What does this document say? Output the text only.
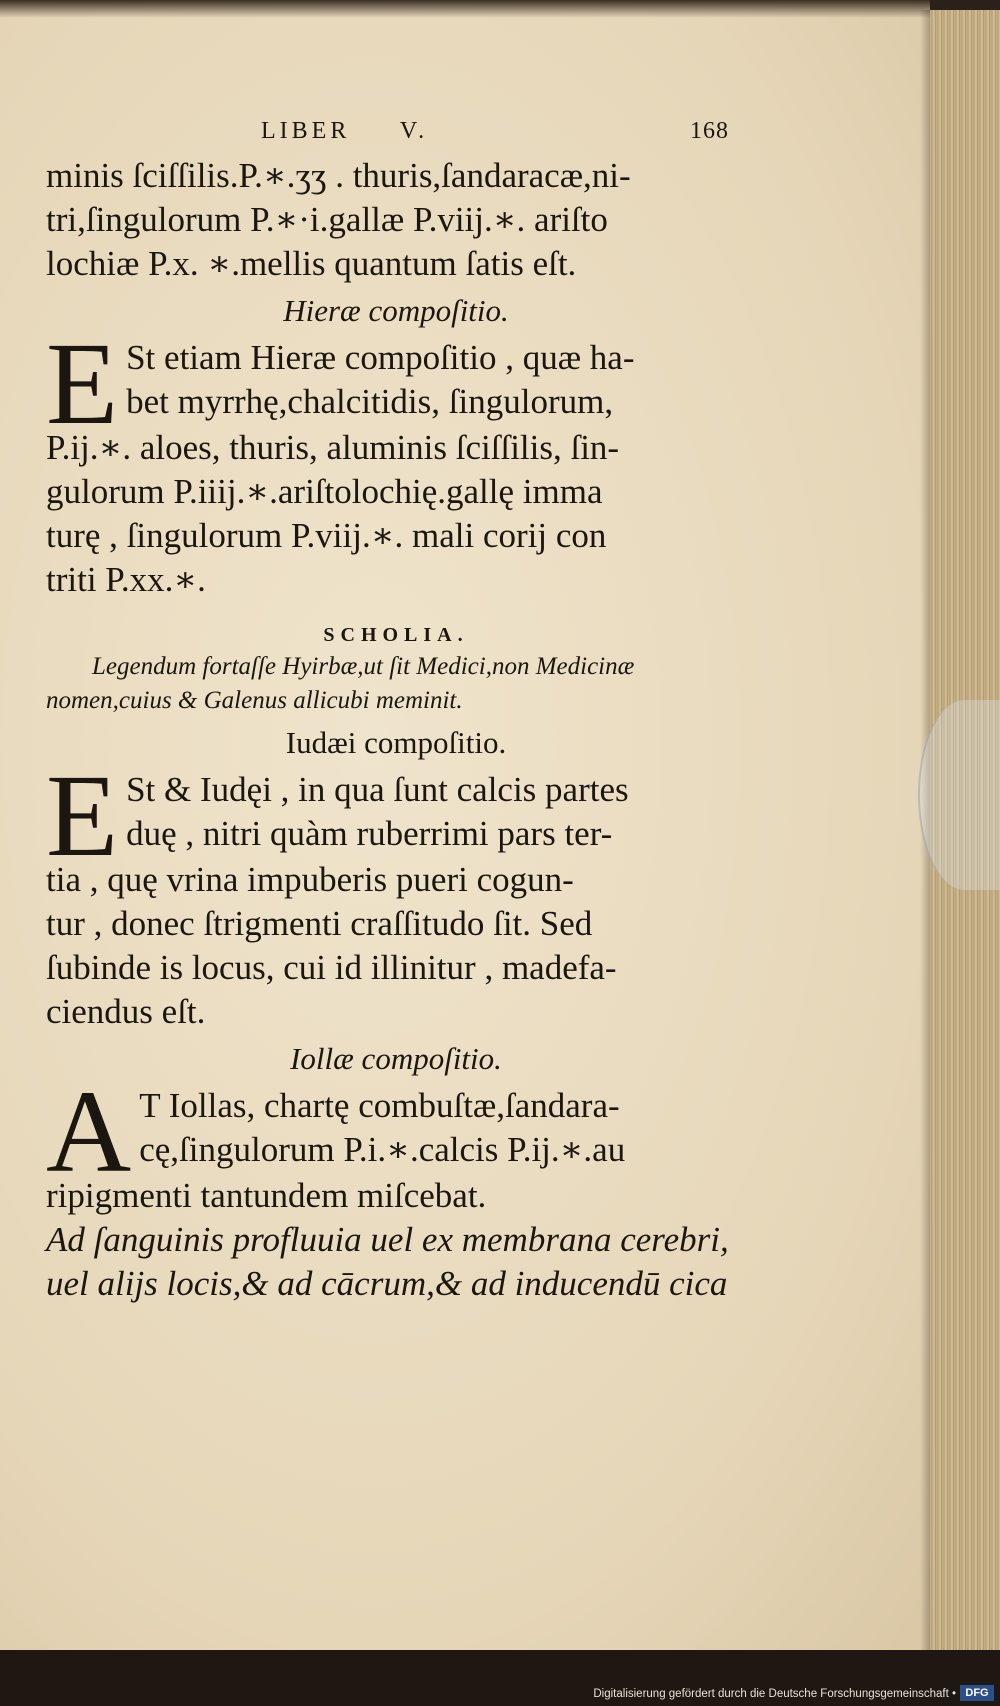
LIBER V.	168
minis ſciſſilis.P.∗.ʒʒ . thuris,ſandaracæ,ni-
tri,ſingulorum P.∗·i.gallæ P.viij.∗. ariſto
lochiæ P.x. ∗.mellis quantum ſatis eſt.
Hieræ compoſitio.
E St etiam Hieræ compoſitio , quæ ha-
bet myrrhę,chalcitidis, ſingulorum,
P.ij.∗. aloes, thuris, aluminis ſciſſilis, ſin-
gulorum P.iiij.∗.ariſtolochię.gallę imma
turę , ſingulorum P.viij.∗. mali corij con
triti P.xx.∗.
SCHOLIA.
Legendum fortaſſe Hyirbæ,ut ſit Medici,non Medicinæ
nomen,cuius & Galenus allicubi meminit.
Iudæi compoſitio.
E St & Iudęi , in qua ſunt calcis partes
duę , nitri quàm ruberrimi pars ter-
tia , quę vrina impuberis pueri cogun-
tur , donec ſtrigmenti craſſitudo ſit. Sed
ſubinde is locus, cui id illinitur , madefa-
ciendus eſt.
Iollæ compoſitio.
A T Iollas, chartę combuſtæ,ſandara-
cę,ſingulorum P.i.∗.calcis P.ij.∗.au
ripigmenti tantundem miſcebat.
Ad ſanguinis profluuia uel ex membrana cerebri,
uel alijs locis,& ad cācrum,& ad inducendū cica
Digitalisierung gefördert durch die Deutsche Forschungsgemeinschaft • DFG
